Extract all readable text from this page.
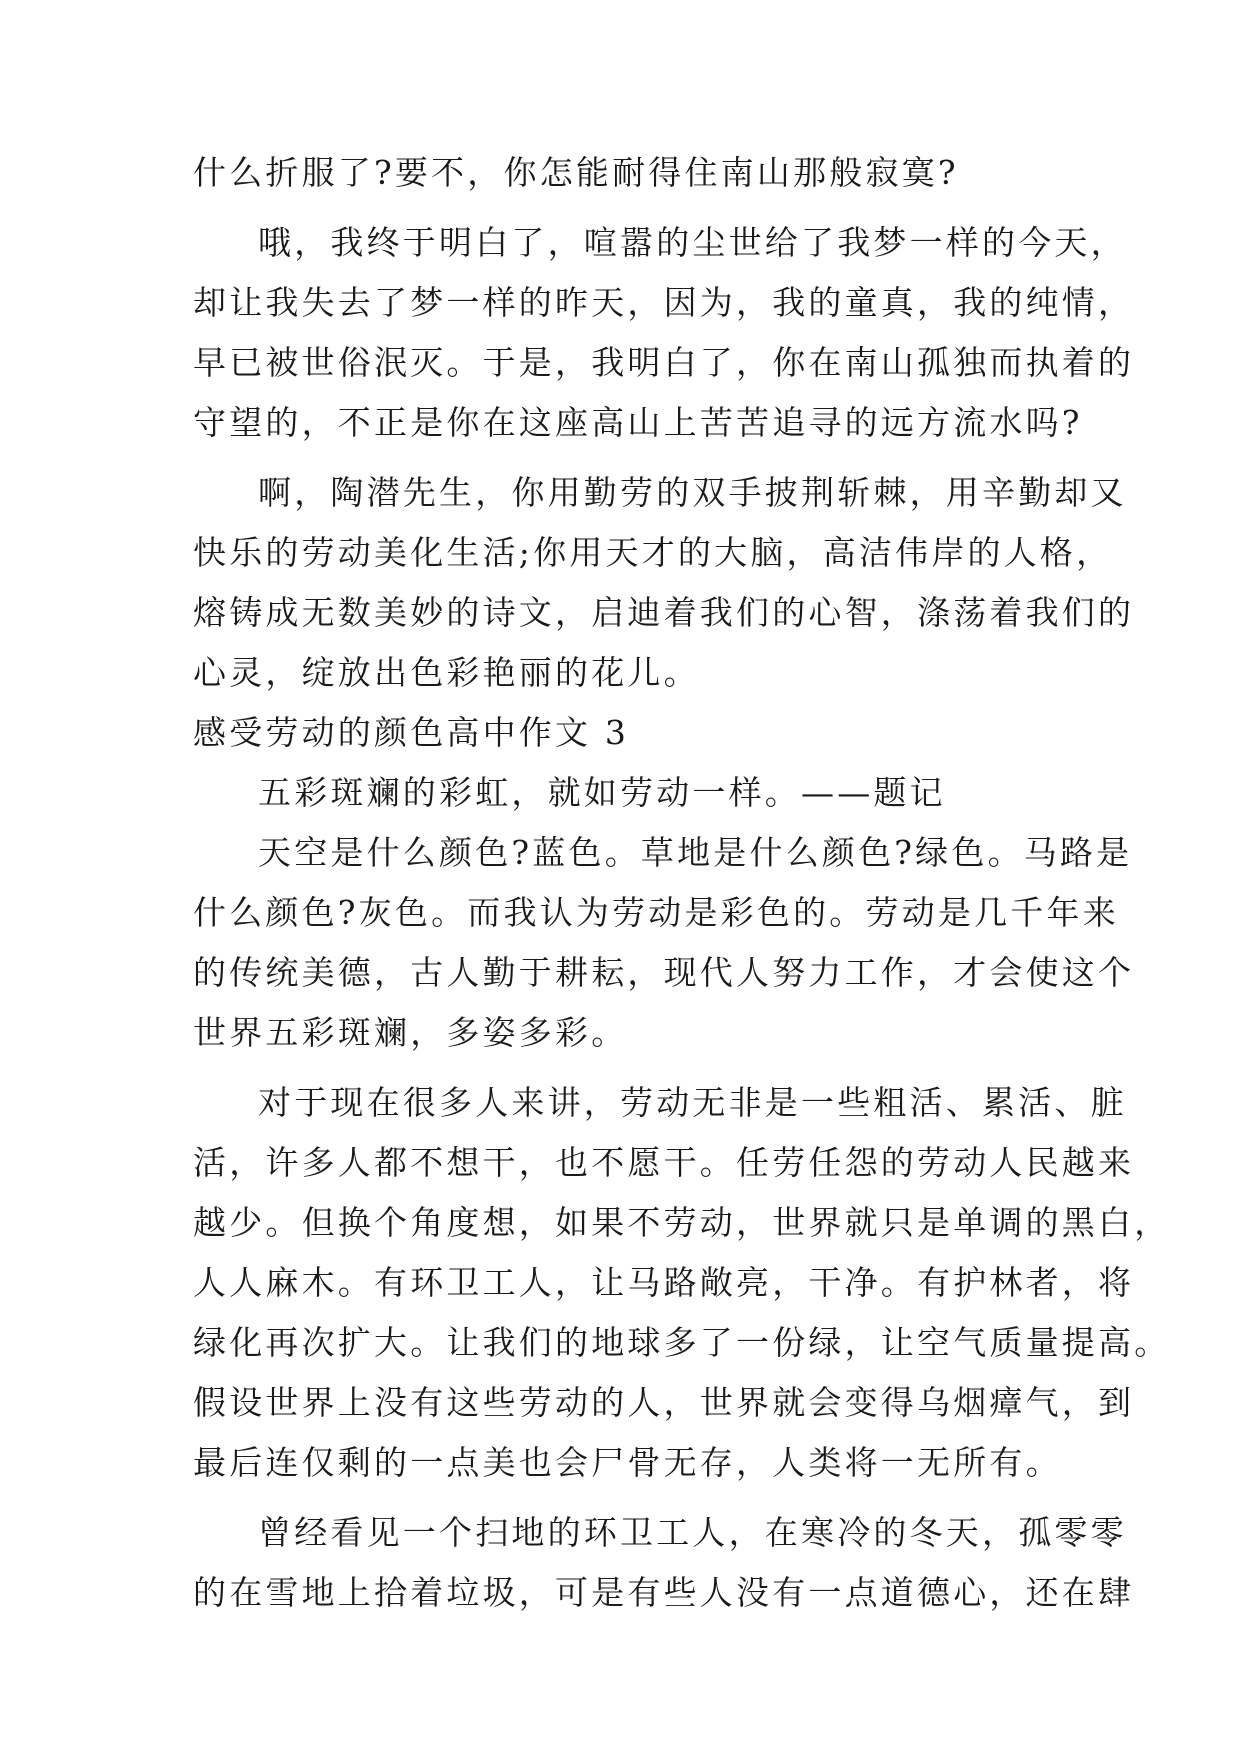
什么折服了?要不，你怎能耐得住南山那般寂寞?
哦，我终于明白了，喧嚣的尘世给了我梦一样的今天，
却让我失去了梦一样的昨天，因为，我的童真，我的纯情，
早已被世俗泯灭。于是，我明白了，你在南山孤独而执着的
守望的，不正是你在这座高山上苦苦追寻的远方流水吗?
啊，陶潜先生，你用勤劳的双手披荆斩棘，用辛勤却又
快乐的劳动美化生活;你用天才的大脑，高洁伟岸的人格，
熔铸成无数美妙的诗文，启迪着我们的心智，涤荡着我们的
心灵，绽放出色彩艳丽的花儿。
感受劳动的颜色高中作文 3
五彩斑斓的彩虹，就如劳动一样。——题记
天空是什么颜色?蓝色。草地是什么颜色?绿色。马路是
什么颜色?灰色。而我认为劳动是彩色的。劳动是几千年来
的传统美德，古人勤于耕耘，现代人努力工作，才会使这个
世界五彩斑斓，多姿多彩。
对于现在很多人来讲，劳动无非是一些粗活、累活、脏
活，许多人都不想干，也不愿干。任劳任怨的劳动人民越来
越少。但换个角度想，如果不劳动，世界就只是单调的黑白，
人人麻木。有环卫工人，让马路敞亮，干净。有护林者，将
绿化再次扩大。让我们的地球多了一份绿，让空气质量提高。
假设世界上没有这些劳动的人，世界就会变得乌烟瘴气，到
最后连仅剩的一点美也会尸骨无存，人类将一无所有。
曾经看见一个扫地的环卫工人，在寒冷的冬天，孤零零
的在雪地上拾着垃圾，可是有些人没有一点道德心，还在肆
